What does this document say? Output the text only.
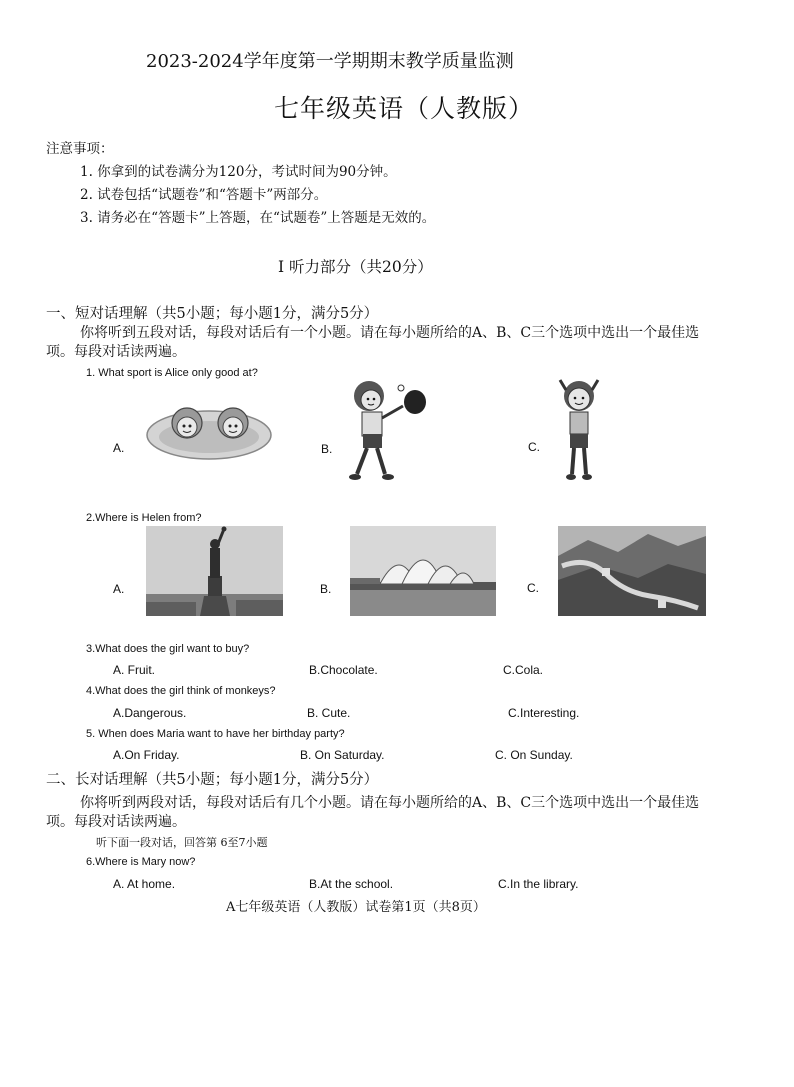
2023-2024学年度第一学期期末教学质量监测
七年级英语（人教版）
注意事项：
1. 你拿到的试卷满分为120分，考试时间为90分钟。
2. 试卷包括“试题卷”和“答题卡”两部分。
3. 请务必在“答题卡”上答题，在“试题卷”上答题是无效的。
I 听力部分（共20分）
一、短对话理解（共5小题；每小题1分，满分5分）
你将听到五段对话，每段对话后有一个小题。请在每小题所给的A、B、C三个选项中选出一个最佳选
项。每段对话读两遍。
1. What sport is Alice only good at?
A.	B.	C.
2.Where is Helen from?
A.	B.	C.
3.What does the girl want to buy?
A. Fruit.	B.Chocolate.	C.Cola.
4.What does the girl think of monkeys?
A.Dangerous.	B. Cute.	C.Interesting.
5. When does Maria want to have her birthday party?
A.On Friday.	B. On Saturday.	C. On Sunday.
二、长对话理解（共5小题；每小题1分，满分5分）
你将听到两段对话，每段对话后有几个小题。请在每小题所给的A、B、C三个选项中选出一个最佳选
项。每段对话读两遍。
听下面一段对话，回答第 6至7小题
6.Where is Mary now?
A. At home.	B.At the school.	C.In the library.
A七年级英语（人教版）试卷第1页（共8页）
